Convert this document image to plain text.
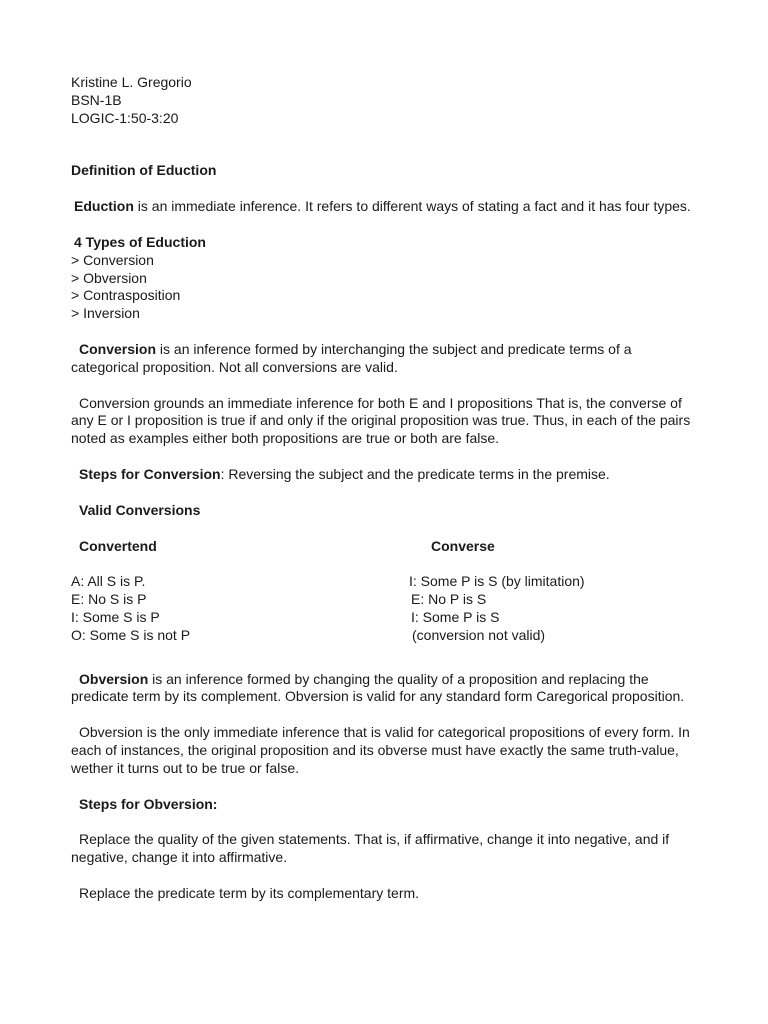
Kristine L. Gregorio
BSN-1B
LOGIC-1:50-3:20
Definition of Eduction
Eduction is an immediate inference. It refers to different ways of stating a fact and it has four types.
4 Types of Eduction
> Conversion
> Obversion
> Contrasposition
> Inversion
Conversion is an inference formed by interchanging the subject and predicate terms of a categorical proposition. Not all conversions are valid.
Conversion grounds an immediate inference for both E and I propositions That is, the converse of any E or I proposition is true if and only if the original proposition was true. Thus, in each of the pairs noted as examples either both propositions are true or both are false.
Steps for Conversion: Reversing the subject and the predicate terms in the premise.
Valid Conversions
Convertend	Converse
A: All S is P.	I: Some P is S (by limitation)
E: No S is P	E: No P is S
I: Some S is P	I: Some P is S
O: Some S is not P	(conversion not valid)
Obversion is an inference formed by changing the quality of a proposition and replacing the predicate term by its complement. Obversion is valid for any standard form Caregorical proposition.
Obversion is the only immediate inference that is valid for categorical propositions of every form. In each of instances, the original proposition and its obverse must have exactly the same truth-value, wether it turns out to be true or false.
Steps for Obversion:
Replace the quality of the given statements. That is, if affirmative, change it into negative, and if negative, change it into affirmative.
Replace the predicate term by its complementary term.
